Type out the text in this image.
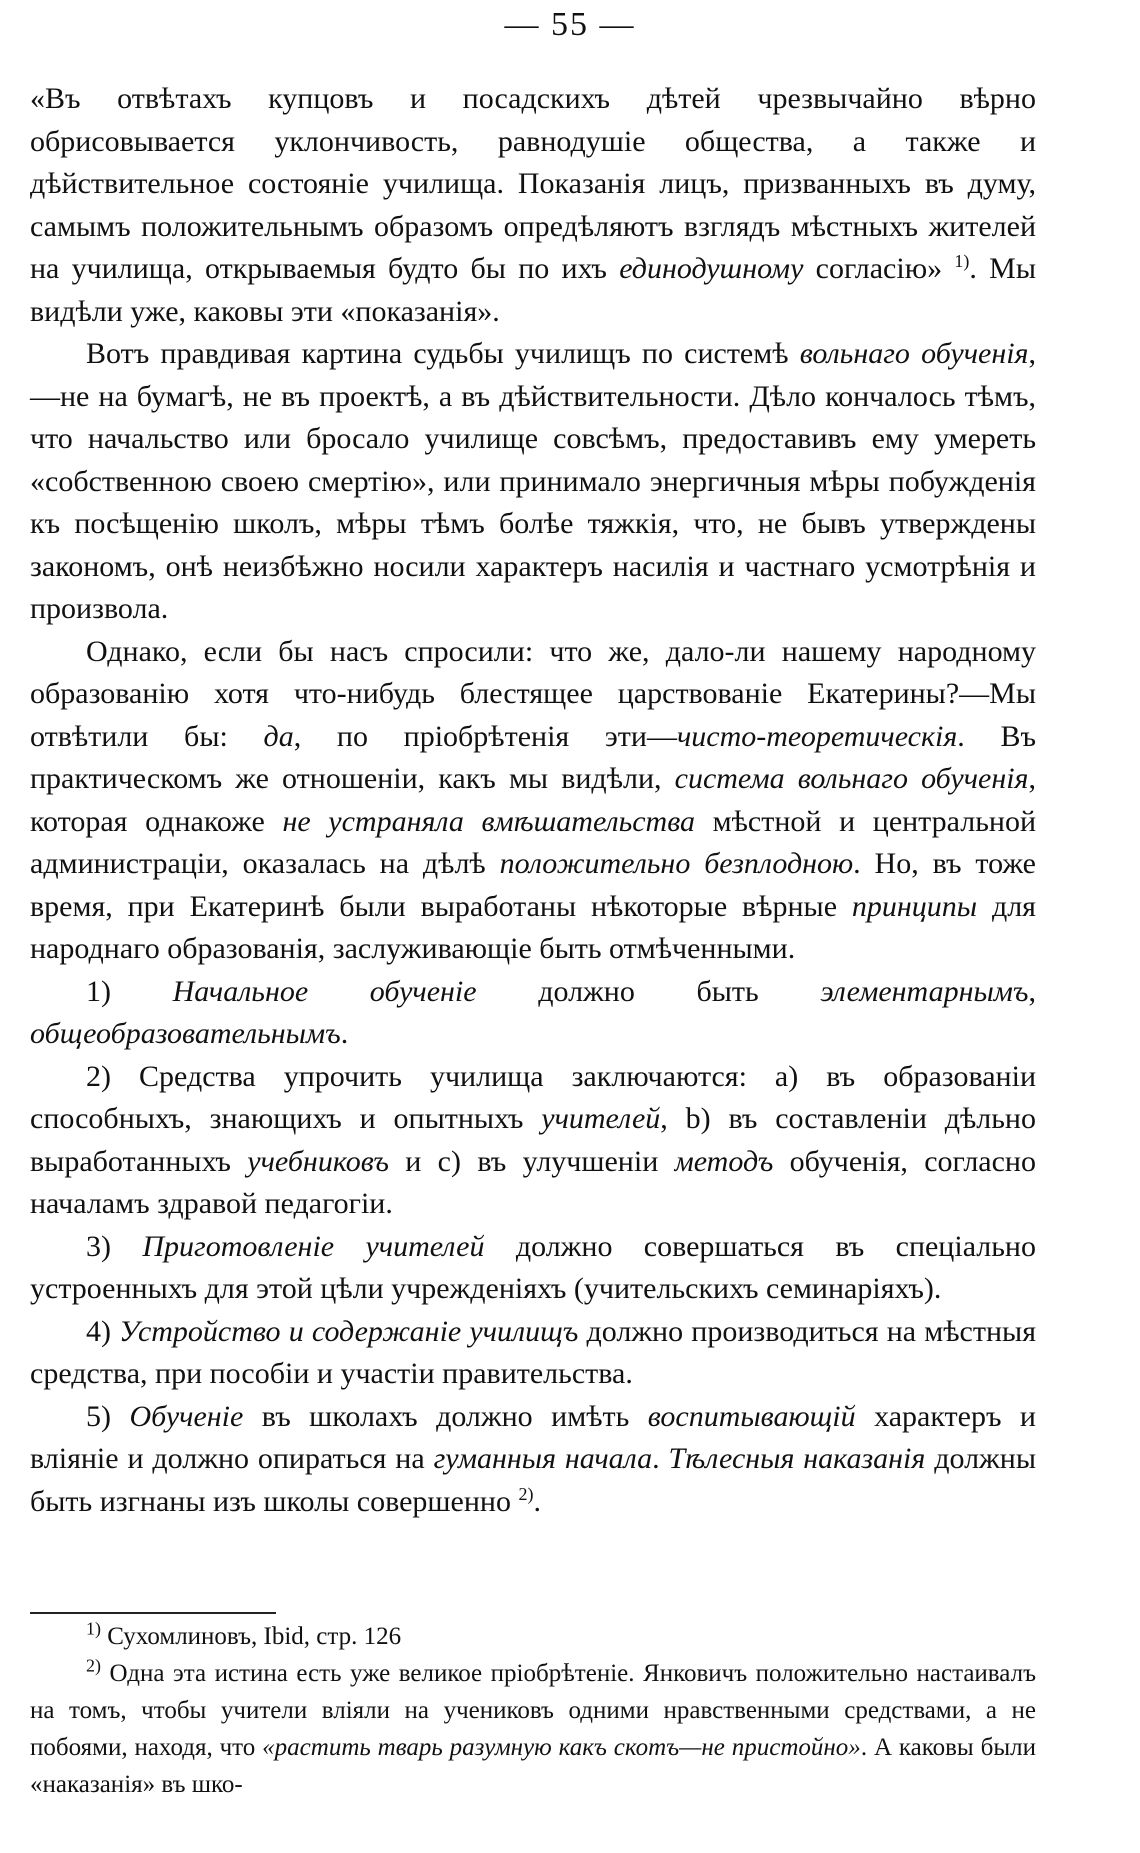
— 55 —

«Въ отвѣтахъ купцовъ и посадскихъ дѣтей чрезвычайно вѣрно обрисовывается уклончивость, равнодушіе общества, а также и дѣйствительное состояніе училища. Показанія лицъ, призванныхъ въ думу, самымъ положительнымъ образомъ опредѣляютъ взглядъ мѣстныхъ жителей на училища, открываемыя будто бы по ихъ единодушному согласію» $^{1)}$. Мы видѣли уже, каковы эти «показанія».

Вотъ правдивая картина судьбы училищъ по системѣ вольнаго обученія,—не на бумагѣ, не въ проектѣ, а въ дѣйствительности. Дѣло кончалось тѣмъ, что начальство или бросало училище совсѣмъ, предоставивъ ему умереть «собственною своею смертію», или принимало энергичныя мѣры побужденія къ посѣщенію школъ, мѣры тѣмъ болѣе тяжкія, что, не бывъ утверждены закономъ, онѣ неизбѣжно носили характеръ насилія и частнаго усмотрѣнія и произвола.

Однако, если бы насъ спросили: что же, дало-ли нашему народному образованію хотя что-нибудь блестящее царствованіе Екатерины?—Мы отвѣтили бы: да, по пріобрѣтенія эти—чисто-теоретическія. Въ практическомъ же отношеніи, какъ мы видѣли, система вольнаго обученія, которая однакоже не устраняла вмѣшательства мѣстной и центральной администраціи, оказалась на дѣлѣ положительно безплодною. Но, въ тоже время, при Екатеринѣ были выработаны нѣкоторые вѣрные принципы для народнаго образованія, заслуживающіе быть отмѣченными.

1) Начальное обученіе должно быть элементарнымъ, общеобразовательнымъ.

2) Средства упрочить училища заключаются: a) въ образованіи способныхъ, знающихъ и опытныхъ учителей, b) въ составленіи дѣльно выработанныхъ учебниковъ и c) въ улучшеніи методъ обученія, согласно началамъ здравой педагогіи.

3) Приготовленіе учителей должно совершаться въ спеціально устроенныхъ для этой цѣли учрежденіяхъ (учительскихъ семинаріяхъ).

4) Устройство и содержаніе училищъ должно производиться на мѣстныя средства, при пособіи и участіи правительства.

5) Обученіе въ школахъ должно имѣть воспитывающій характеръ и вліяніе и должно опираться на гуманныя начала. Тѣлесныя наказанія должны быть изгнаны изъ школы совершенно $^{2)}$.

$^{1)}$ Сухомлиновъ, Ibid, стр. 126

$^{2)}$ Одна эта истина есть уже великое пріобрѣтеніе. Янковичъ положительно настаивалъ на томъ, чтобы учители вліяли на учениковъ одними нравственными средствами, а не побоями, находя, что «растить тварь разумную какъ скотъ—не пристойно». А каковы были «наказанія» въ шко-
